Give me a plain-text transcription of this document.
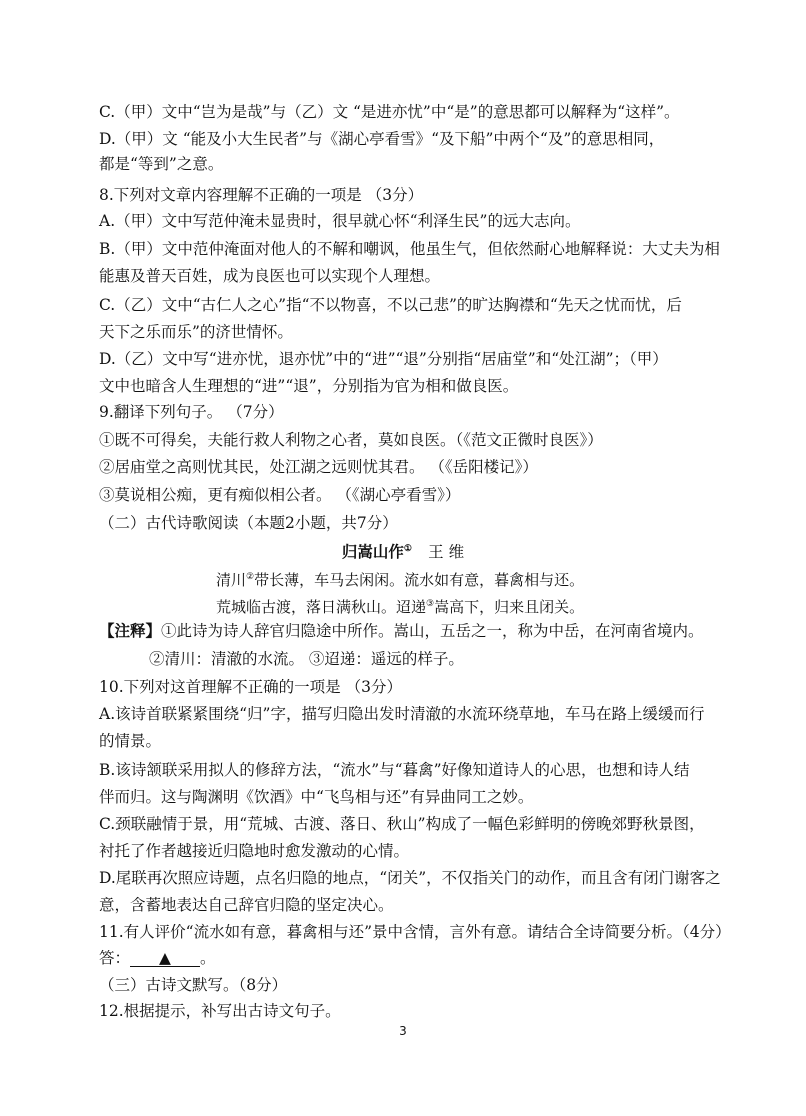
C.（甲）文中“岂为是哉”与（乙）文 “是进亦忧”中“是”的意思都可以解释为“这样”。
D.（甲）文 “能及小大生民者”与《湖心亭看雪》“及下船”中两个“及”的意思相同，
都是“等到”之意。
8.下列对文章内容理解不正确的一项是 （3分）
A.（甲）文中写范仲淹未显贵时，很早就心怀“利泽生民”的远大志向。
B.（甲）文中范仲淹面对他人的不解和嘲讽，他虽生气，但依然耐心地解释说：大丈夫为相
能惠及普天百姓，成为良医也可以实现个人理想。
C.（乙）文中“古仁人之心”指“不以物喜，不以己悲”的旷达胸襟和“先天之忧而忧，后
天下之乐而乐”的济世情怀。
D.（乙）文中写“进亦忧，退亦忧”中的“进”“退”分别指“居庙堂”和“处江湖”；（甲）
文中也暗含人生理想的“进”“退”，分别指为官为相和做良医。
9.翻译下列句子。 （7分）
①既不可得矣，夫能行救人利物之心者，莫如良医。（《范文正微时良医》）
②居庙堂之高则忧其民，处江湖之远则忧其君。 （《岳阳楼记》）
③莫说相公痴，更有痴似相公者。 （《湖心亭看雪》）
（二）古代诗歌阅读（本题2小题，共7分）
归嵩山作① 王 维
清川②带长薄，车马去闲闲。流水如有意，暮禽相与还。
荒城临古渡，落日满秋山。迢递③嵩高下，归来且闭关。
【注释】①此诗为诗人辞官归隐途中所作。嵩山，五岳之一，称为中岳，在河南省境内。
②清川：清澈的水流。 ③迢递：遥远的样子。
10.下列对这首理解不正确的一项是 （3分）
A.该诗首联紧紧围绕“归”字，描写归隐出发时清澈的水流环绕草地，车马在路上缓缓而行
的情景。
B.该诗颔联采用拟人的修辞方法，“流水”与“暮禽”好像知道诗人的心思，也想和诗人结
伴而归。这与陶渊明《饮酒》中“飞鸟相与还”有异曲同工之妙。
C.颈联融情于景，用“荒城、古渡、落日、秋山”构成了一幅色彩鲜明的傍晚郊野秋景图，
衬托了作者越接近归隐地时愈发激动的心情。
D.尾联再次照应诗题，点名归隐的地点，“闭关”，不仅指关门的动作，而且含有闭门谢客之
意，含蓄地表达自己辞官归隐的坚定决心。
11.有人评价“流水如有意，暮禽相与还”景中含情，言外有意。请结合全诗简要分析。（4分）
答： ▲ 。
（三）古诗文默写。（8分）
12.根据提示，补写出古诗文句子。
3
